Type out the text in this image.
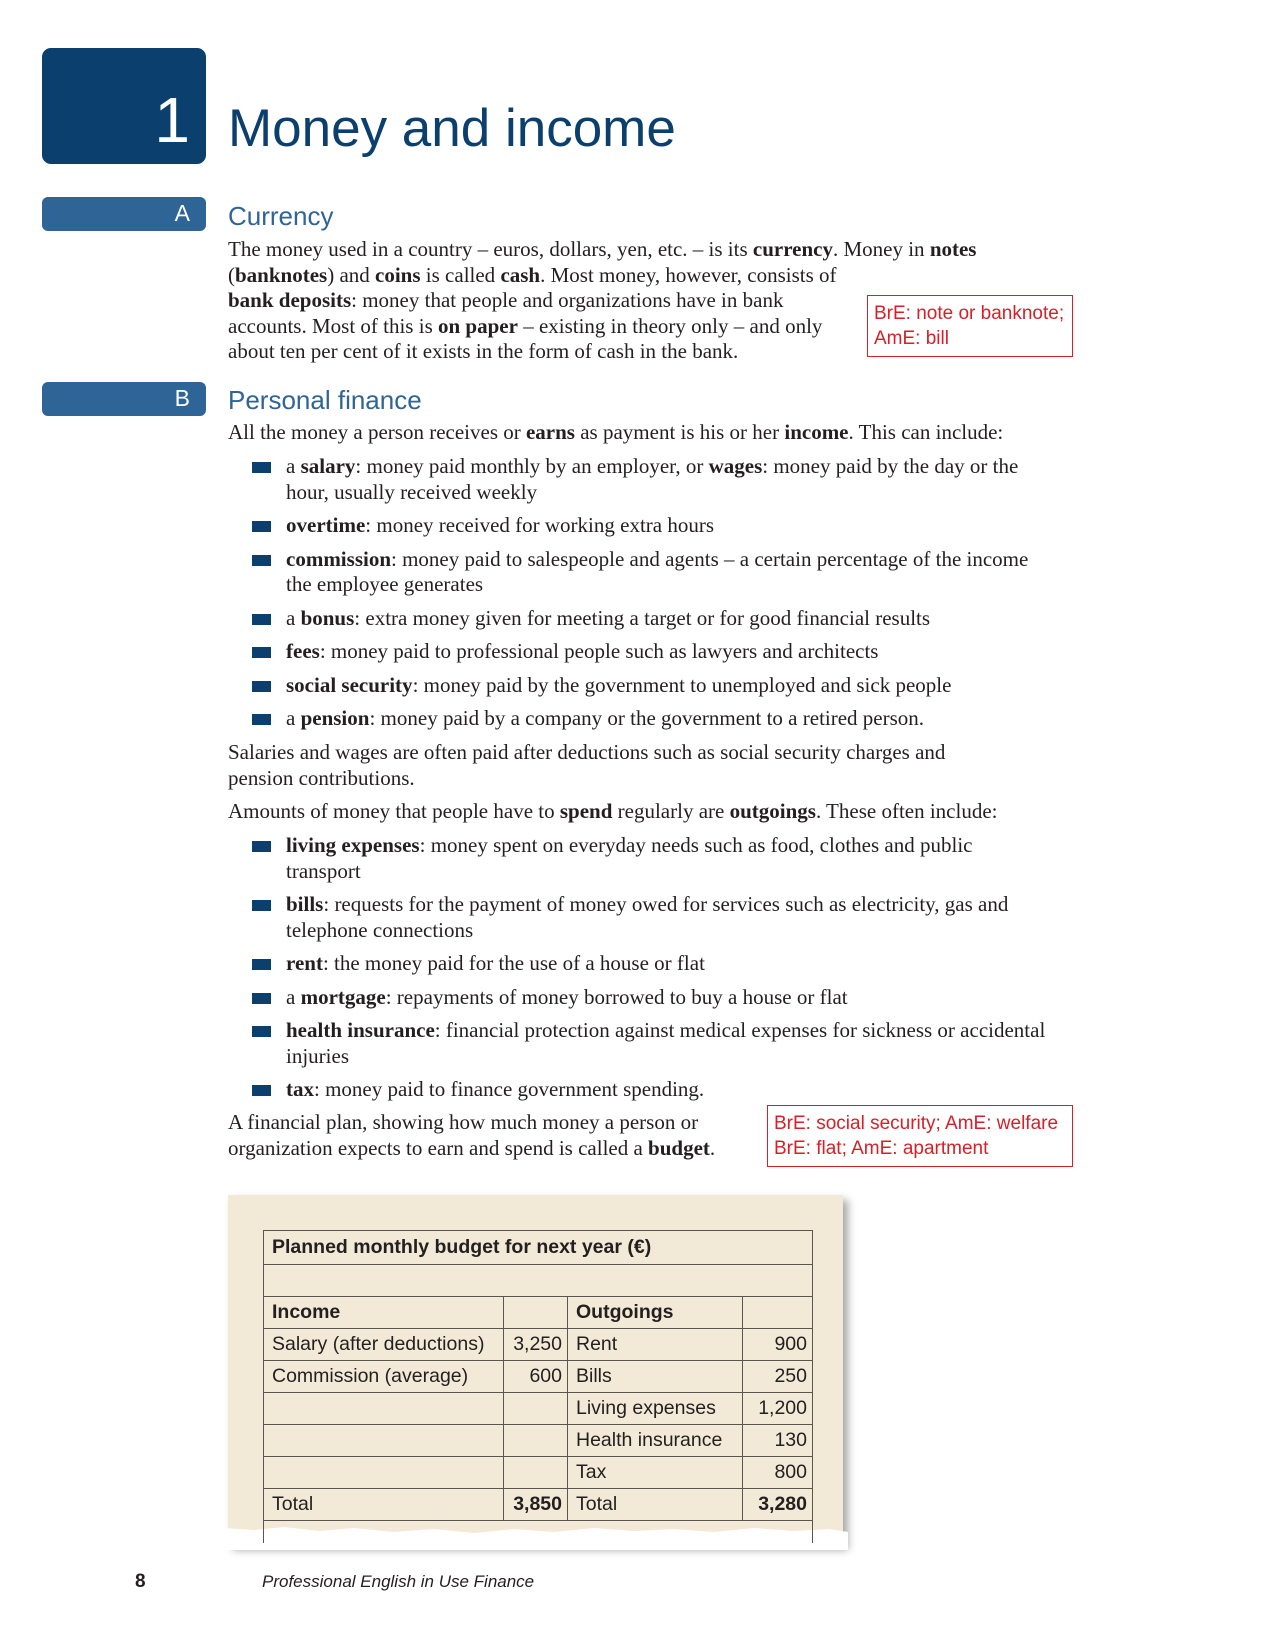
1 Money and income
A Currency
The money used in a country – euros, dollars, yen, etc. – is its currency. Money in notes
(banknotes) and coins is called cash. Most money, however, consists of
bank deposits: money that people and organizations have in bank
accounts. Most of this is on paper – existing in theory only – and only
about ten per cent of it exists in the form of cash in the bank.
BrE: note or banknote;
AmE: bill
B Personal finance
All the money a person receives or earns as payment is his or her income. This can include:
a salary: money paid monthly by an employer, or wages: money paid by the day or the
hour, usually received weekly
overtime: money received for working extra hours
commission: money paid to salespeople and agents – a certain percentage of the income
the employee generates
a bonus: extra money given for meeting a target or for good financial results
fees: money paid to professional people such as lawyers and architects
social security: money paid by the government to unemployed and sick people
a pension: money paid by a company or the government to a retired person.
Salaries and wages are often paid after deductions such as social security charges and
pension contributions.
Amounts of money that people have to spend regularly are outgoings. These often include:
living expenses: money spent on everyday needs such as food, clothes and public
transport
bills: requests for the payment of money owed for services such as electricity, gas and
telephone connections
rent: the money paid for the use of a house or flat
a mortgage: repayments of money borrowed to buy a house or flat
health insurance: financial protection against medical expenses for sickness or accidental
injuries
tax: money paid to finance government spending.
A financial plan, showing how much money a person or
organization expects to earn and spend is called a budget.
BrE: social security; AmE: welfare
BrE: flat; AmE: apartment
Planned monthly budget for next year (€)			

Income		Outgoings	
Salary (after deductions)	3,250	Rent	900
Commission (average)	600	Bills	250
		Living expenses	1,200
		Health insurance	130
		Tax	800
Total	3,850	Total	3,280

8	Professional English in Use Finance
